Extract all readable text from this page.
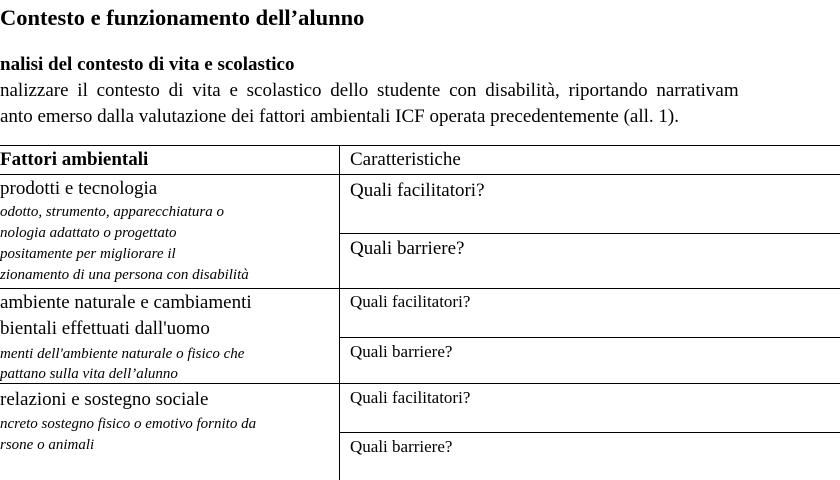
Contesto e funzionamento dell’alunno
nalisi del contesto di vita e scolastico
nalizzare il contesto di vita e scolastico dello studente con disabilità, riportando narrativam
anto emerso dalla valutazione dei fattori ambientali ICF operata precedentemente (all. 1).
Fattori ambientali	Caratteristiche
prodotti e tecnologia
odotto, strumento, apparecchiatura o
nologia adattato o progettato
positamente per migliorare il
zionamento di una persona con disabilità
Quali facilitatori?
Quali barriere?
ambiente naturale e cambiamenti
bientali effettuati dall'uomo
menti dell'ambiente naturale o fisico che
pattano sulla vita dell’alunno
Quali facilitatori?
Quali barriere?
relazioni e sostegno sociale
ncreto sostegno fisico o emotivo fornito da
rsone o animali
Quali facilitatori?
Quali barriere?
